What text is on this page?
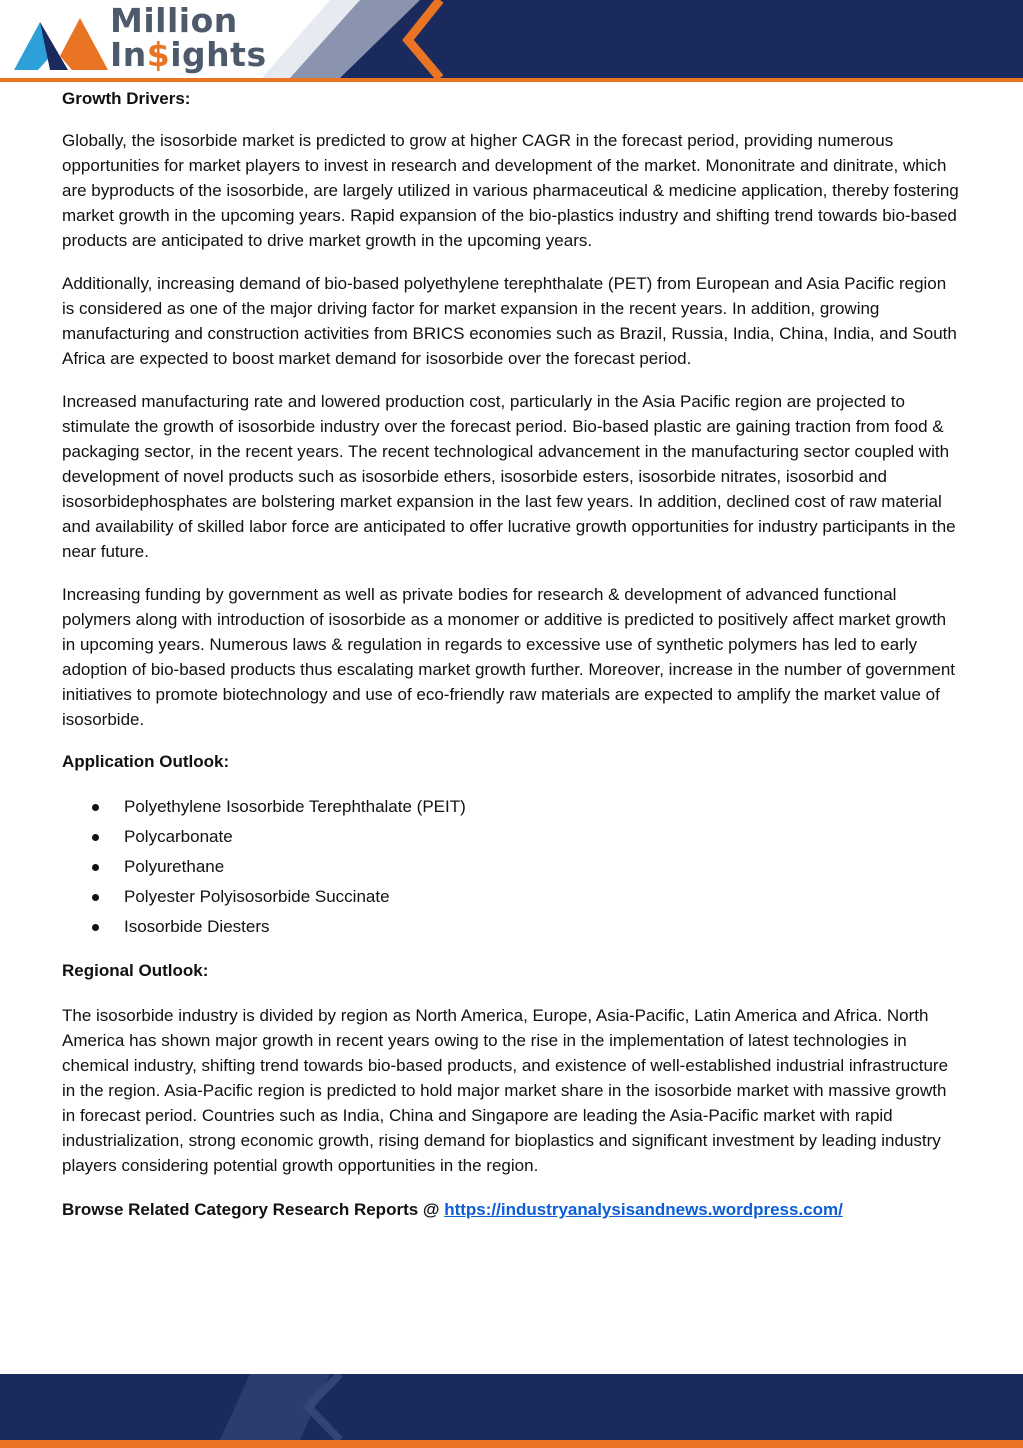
Million
In$ights

Growth Drivers:

Globally, the isosorbide market is predicted to grow at higher CAGR in the forecast period, providing numerous opportunities for market players to invest in research and development of the market. Mononitrate and dinitrate, which are byproducts of the isosorbide, are largely utilized in various pharmaceutical & medicine application, thereby fostering market growth in the upcoming years. Rapid expansion of the bio-plastics industry and shifting trend towards bio-based products are anticipated to drive market growth in the upcoming years.

Additionally, increasing demand of bio-based polyethylene terephthalate (PET) from European and Asia Pacific region is considered as one of the major driving factor for market expansion in the recent years. In addition, growing manufacturing and construction activities from BRICS economies such as Brazil, Russia, India, China, India, and South Africa are expected to boost market demand for isosorbide over the forecast period.

Increased manufacturing rate and lowered production cost, particularly in the Asia Pacific region are projected to stimulate the growth of isosorbide industry over the forecast period. Bio-based plastic are gaining traction from food & packaging sector, in the recent years. The recent technological advancement in the manufacturing sector coupled with development of novel products such as isosorbide ethers, isosorbide esters, isosorbide nitrates, isosorbid and isosorbidephosphates are bolstering market expansion in the last few years. In addition, declined cost of raw material and availability of skilled labor force are anticipated to offer lucrative growth opportunities for industry participants in the near future.

Increasing funding by government as well as private bodies for research & development of advanced functional polymers along with introduction of isosorbide as a monomer or additive is predicted to positively affect market growth in upcoming years. Numerous laws & regulation in regards to excessive use of synthetic polymers has led to early adoption of bio-based products thus escalating market growth further. Moreover, increase in the number of government initiatives to promote biotechnology and use of eco-friendly raw materials are expected to amplify the market value of isosorbide.

Application Outlook:

Polyethylene Isosorbide Terephthalate (PEIT)
Polycarbonate
Polyurethane
Polyester Polyisosorbide Succinate
Isosorbide Diesters

Regional Outlook:

The isosorbide industry is divided by region as North America, Europe, Asia-Pacific, Latin America and Africa. North America has shown major growth in recent years owing to the rise in the implementation of latest technologies in chemical industry, shifting trend towards bio-based products, and existence of well-established industrial infrastructure in the region. Asia-Pacific region is predicted to hold major market share in the isosorbide market with massive growth in forecast period. Countries such as India, China and Singapore are leading the Asia-Pacific market with rapid industrialization, strong economic growth, rising demand for bioplastics and significant investment by leading industry players considering potential growth opportunities in the region.

Browse Related Category Research Reports @ https://industryanalysisandnews.wordpress.com/
